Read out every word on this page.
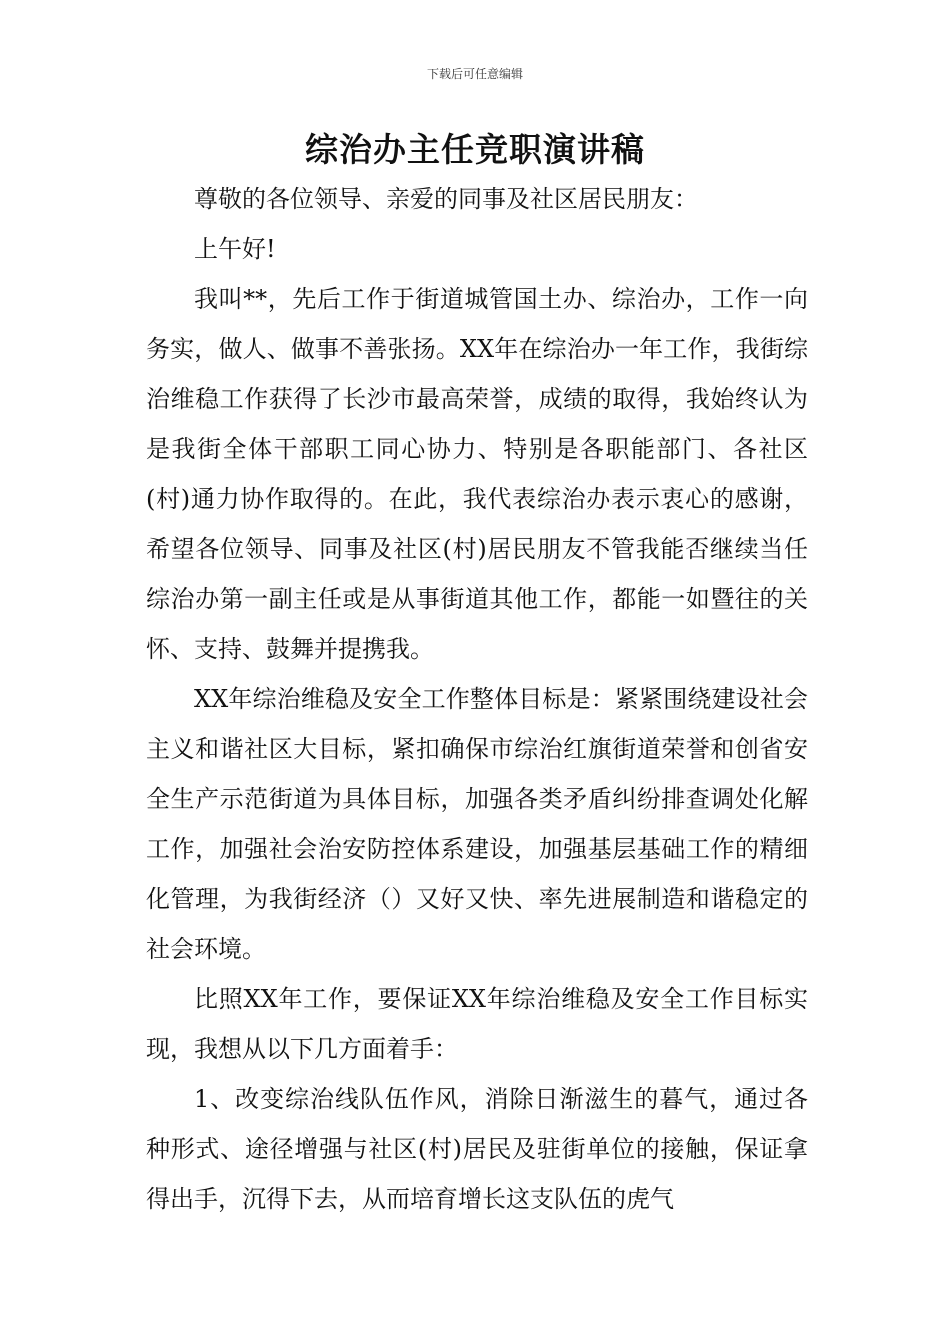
下载后可任意编辑
综治办主任竞职演讲稿

尊敬的各位领导、亲爱的同事及社区居民朋友：

上午好!

我叫**，先后工作于街道城管国土办、综治办，工作一向务实，做人、做事不善张扬。XX年在综治办一年工作，我街综治维稳工作获得了长沙市最高荣誉，成绩的取得，我始终认为是我街全体干部职工同心协力、特别是各职能部门、各社区(村)通力协作取得的。在此，我代表综治办表示衷心的感谢，希望各位领导、同事及社区(村)居民朋友不管我能否继续当任综治办第一副主任或是从事街道其他工作，都能一如暨往的关怀、支持、鼓舞并提携我。

XX年综治维稳及安全工作整体目标是：紧紧围绕建设社会主义和谐社区大目标，紧扣确保市综治红旗街道荣誉和创省安全生产示范街道为具体目标，加强各类矛盾纠纷排查调处化解工作，加强社会治安防控体系建设，加强基层基础工作的精细化管理，为我街经济（）又好又快、率先进展制造和谐稳定的社会环境。

比照XX年工作，要保证XX年综治维稳及安全工作目标实现，我想从以下几方面着手：

1、改变综治线队伍作风，消除日渐滋生的暮气，通过各种形式、途径增强与社区(村)居民及驻街单位的接触，保证拿得出手，沉得下去，从而培育增长这支队伍的虎气
